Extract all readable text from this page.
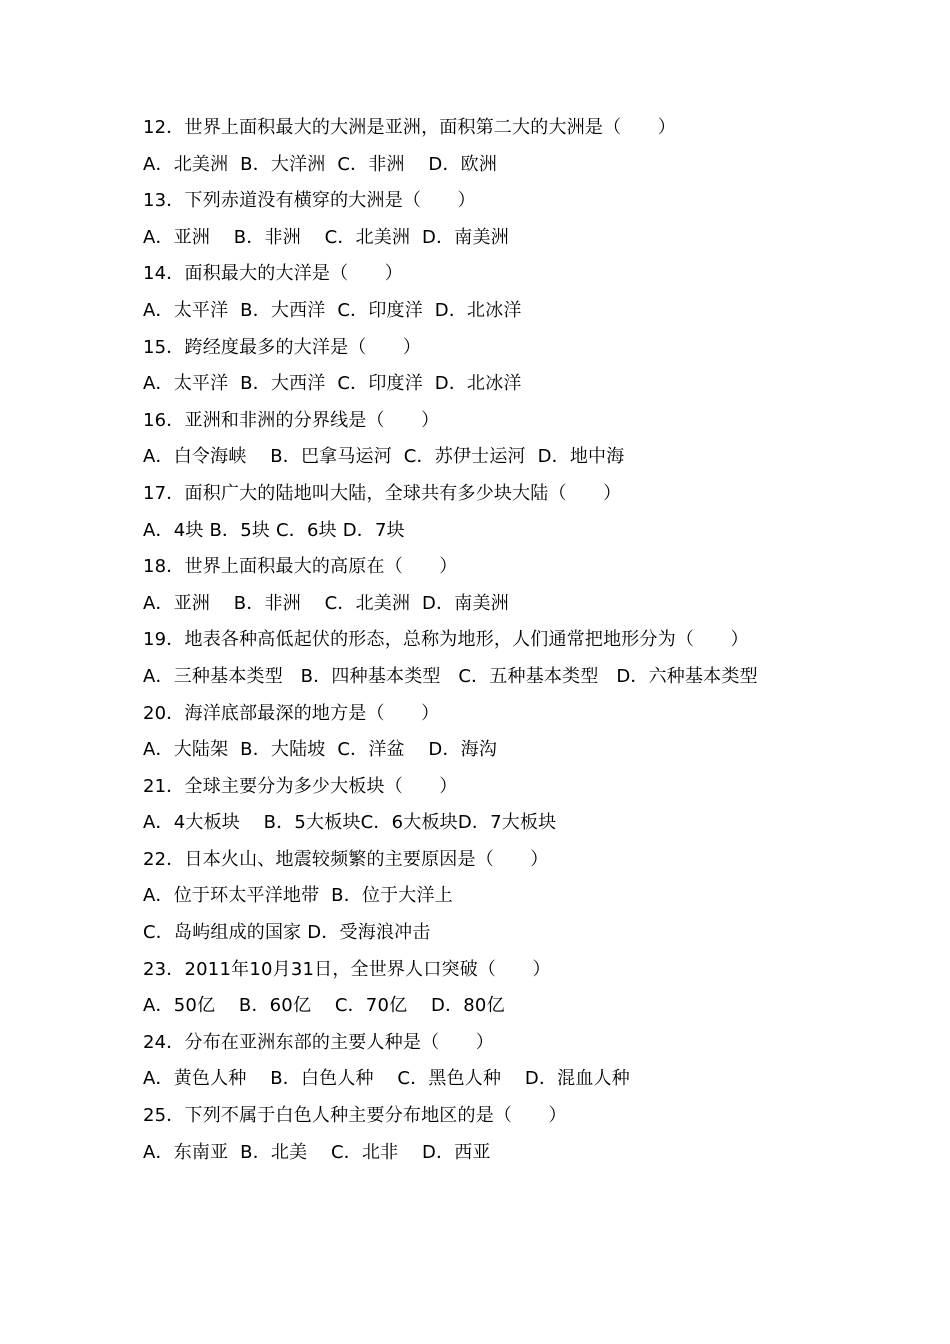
12．世界上面积最大的大洲是亚洲，面积第二大的大洲是（　　）
A．北美洲  B．大洋洲  C．非洲    D．欧洲
13．下列赤道没有横穿的大洲是（　　）
A．亚洲    B．非洲    C．北美洲  D．南美洲
14．面积最大的大洋是（　　）
A．太平洋  B．大西洋  C．印度洋  D．北冰洋
15．跨经度最多的大洋是（　　）
A．太平洋  B．大西洋  C．印度洋  D．北冰洋
16．亚洲和非洲的分界线是（　　）
A．白令海峡    B．巴拿马运河  C．苏伊士运河  D．地中海
17．面积广大的陆地叫大陆，全球共有多少块大陆（　　）
A．4块 B．5块 C．6块 D．7块
18．世界上面积最大的高原在（　　）
A．亚洲    B．非洲    C．北美洲  D．南美洲
19．地表各种高低起伏的形态，总称为地形，人们通常把地形分为（　　）
A．三种基本类型   B．四种基本类型   C．五种基本类型   D．六种基本类型
20．海洋底部最深的地方是（　　）
A．大陆架  B．大陆坡  C．洋盆    D．海沟
21．全球主要分为多少大板块（　　）
A．4大板块    B．5大板块C．6大板块D．7大板块
22．日本火山、地震较频繁的主要原因是（　　）
A．位于环太平洋地带  B．位于大洋上
C．岛屿组成的国家 D．受海浪冲击
23．2011年10月31日，全世界人口突破（　　）
A．50亿    B．60亿    C．70亿    D．80亿
24．分布在亚洲东部的主要人种是（　　）
A．黄色人种    B．白色人种    C．黑色人种    D．混血人种
25．下列不属于白色人种主要分布地区的是（　　）
A．东南亚  B．北美    C．北非    D．西亚
